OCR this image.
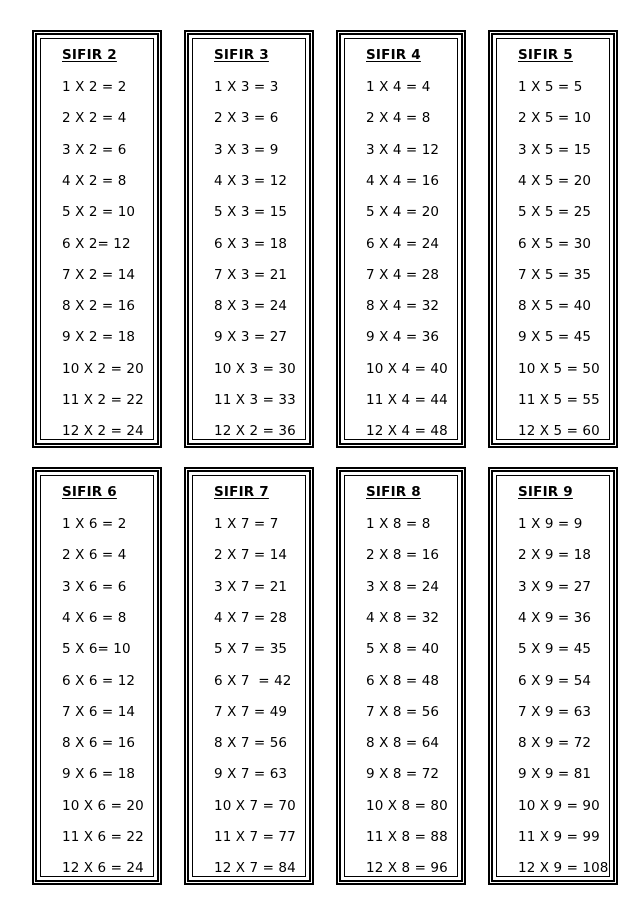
SIFIR 2
1 X 2 = 2
2 X 2 = 4
3 X 2 = 6
4 X 2 = 8
5 X 2 = 10
6 X 2= 12
7 X 2 = 14
8 X 2 = 16
9 X 2 = 18
10 X 2 = 20
11 X 2 = 22
12 X 2 = 24
SIFIR 3
1 X 3 = 3
2 X 3 = 6
3 X 3 = 9
4 X 3 = 12
5 X 3 = 15
6 X 3 = 18
7 X 3 = 21
8 X 3 = 24
9 X 3 = 27
10 X 3 = 30
11 X 3 = 33
12 X 2 = 36
SIFIR 4
1 X 4 = 4
2 X 4 = 8
3 X 4 = 12
4 X 4 = 16
5 X 4 = 20
6 X 4 = 24
7 X 4 = 28
8 X 4 = 32
9 X 4 = 36
10 X 4 = 40
11 X 4 = 44
12 X 4 = 48
SIFIR 5
1 X 5 = 5
2 X 5 = 10
3 X 5 = 15
4 X 5 = 20
5 X 5 = 25
6 X 5 = 30
7 X 5 = 35
8 X 5 = 40
9 X 5 = 45
10 X 5 = 50
11 X 5 = 55
12 X 5 = 60
SIFIR 6
1 X 6 = 2
2 X 6 = 4
3 X 6 = 6
4 X 6 = 8
5 X 6= 10
6 X 6 = 12
7 X 6 = 14
8 X 6 = 16
9 X 6 = 18
10 X 6 = 20
11 X 6 = 22
12 X 6 = 24
SIFIR 7
1 X 7 = 7
2 X 7 = 14
3 X 7 = 21
4 X 7 = 28
5 X 7 = 35
6 X 7  = 42
7 X 7 = 49
8 X 7 = 56
9 X 7 = 63
10 X 7 = 70
11 X 7 = 77
12 X 7 = 84
SIFIR 8
1 X 8 = 8
2 X 8 = 16
3 X 8 = 24
4 X 8 = 32
5 X 8 = 40
6 X 8 = 48
7 X 8 = 56
8 X 8 = 64
9 X 8 = 72
10 X 8 = 80
11 X 8 = 88
12 X 8 = 96
SIFIR 9
1 X 9 = 9
2 X 9 = 18
3 X 9 = 27
4 X 9 = 36
5 X 9 = 45
6 X 9 = 54
7 X 9 = 63
8 X 9 = 72
9 X 9 = 81
10 X 9 = 90
11 X 9 = 99
12 X 9 = 108
